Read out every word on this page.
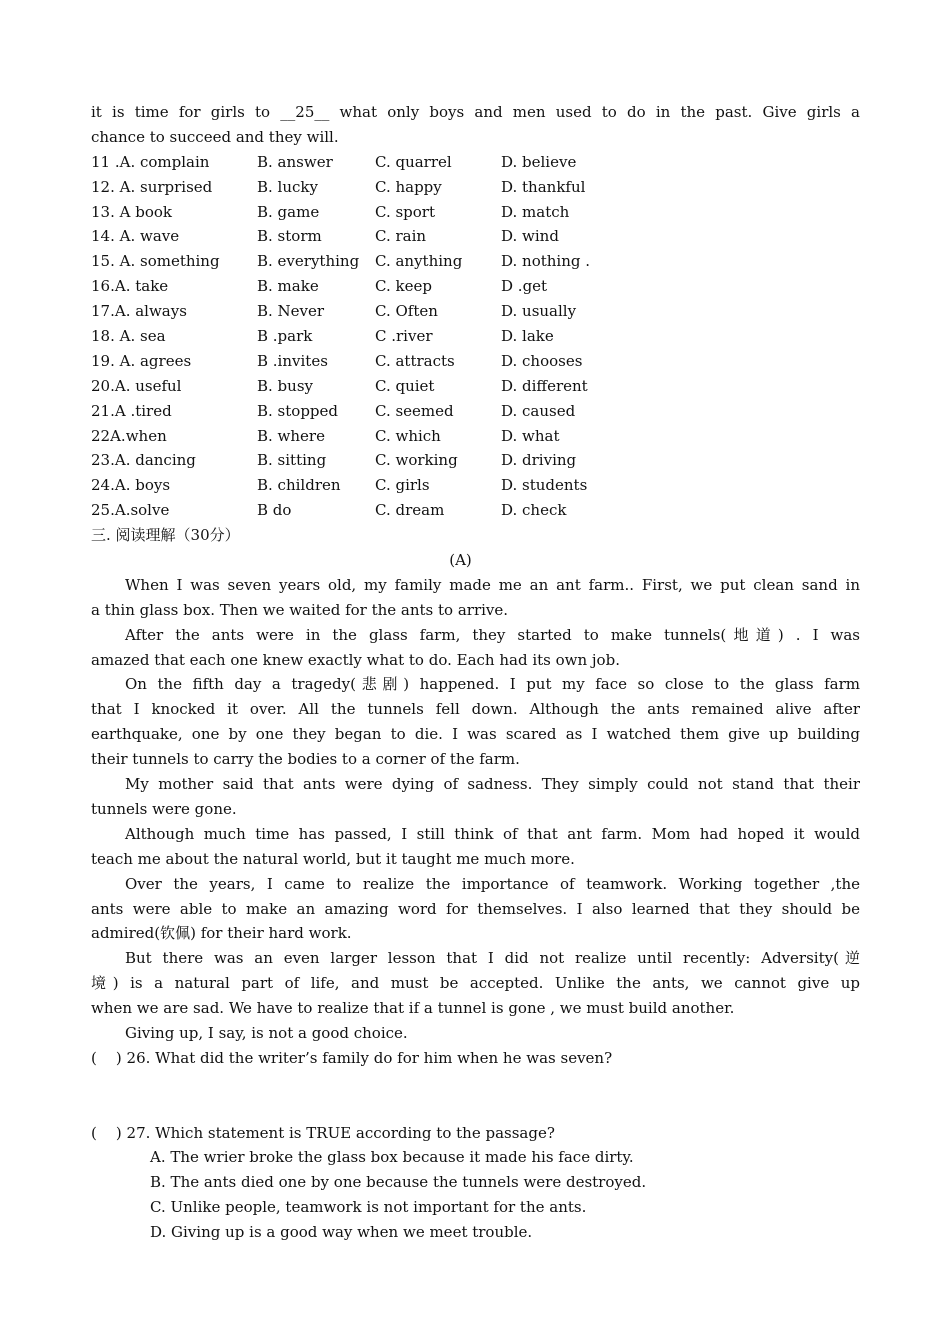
it is time for girls to __25__ what only boys and men used to do in the past. Give girls a
chance to succeed and they will.
11 .A. complain	B. answer	C. quarrel	D. believe
12. A. surprised	B. lucky	C. happy	D. thankful
13. A book	B. game	C. sport	D. match
14. A. wave	B. storm	C. rain	D. wind
15. A. something B. everything C. anything	D. nothing .
16.A. take	B. make	C. keep	D .get
17.A. always	B. Never	C. Often	D. usually
18. A. sea	B .park	C .river	D. lake
19. A. agrees	B .invites	C. attracts	D. chooses
20.A. useful	B. busy	C. quiet	D. different
21.A .tired	B. stopped C. seemed	D. caused
22A.when	B. where	C. which	D. what
23.A. dancing	B. sitting	C. working	D. driving
24.A. boys	B. children C. girls	D. students
25.A.solve	B do	C. dream	D. check
三. 阅读理解（30分）
(A)
When I was seven years old, my family made me an ant farm.. First, we put clean sand in
a thin glass box. Then we waited for the ants to arrive.
After the ants were in the glass farm, they started to make tunnels(地道) . I was
amazed that each one knew exactly what to do. Each had its own job.
On the fifth day a tragedy(悲剧) happened. I put my face so close to the glass farm
that I knocked it over. All the tunnels fell down. Although the ants remained alive after
earthquake, one by one they began to die. I was scared as I watched them give up building
their tunnels to carry the bodies to a corner of the farm.
My mother said that ants were dying of sadness. They simply could not stand that their
tunnels were gone.
Although much time has passed, I still think of that ant farm. Mom had hoped it would
teach me about the natural world, but it taught me much more.
Over the years, I came to realize the importance of teamwork. Working together ,the
ants were able to make an amazing word for themselves. I also learned that they should be
admired(钦佩) for their hard work.
But there was an even larger lesson that I did not realize until recently: Adversity(逆
境) is a natural part of life, and must be accepted. Unlike the ants, we cannot give up
when we are sad. We have to realize that if a tunnel is gone , we must build another.
Giving up, I say, is not a good choice.
(    ) 26. What did the writer’s family do for him when he was seven?

(    ) 27. Which statement is TRUE according to the passage?
A. The wrier broke the glass box because it made his face dirty.
B. The ants died one by one because the tunnels were destroyed.
C. Unlike people, teamwork is not important for the ants.
D. Giving up is a good way when we meet trouble.
